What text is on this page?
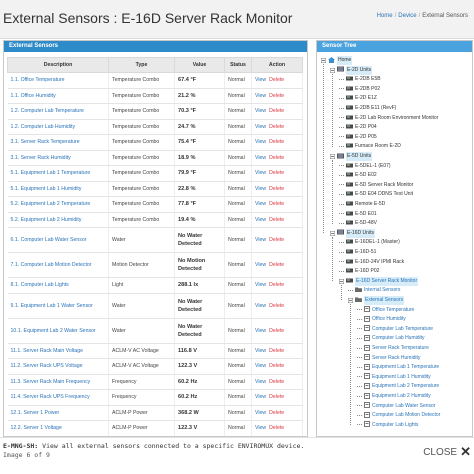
External Sensors : E-16D Server Rack Monitor	Home / Device / External Sensors
External Sensors
Description	Type	Value	Status	Action
1.1. Office Temperature	Temperature Combo	67.4 °F	Normal	View Delete
1.1. Office Humidity	Temperature Combo	21.2 %	Normal	View Delete
1.2. Computer Lab Temperature	Temperature Combo	70.3 °F	Normal	View Delete
1.2. Computer Lab Humidity	Temperature Combo	24.7 %	Normal	View Delete
3.1. Server Rack Temperature	Temperature Combo	75.4 °F	Normal	View Delete
3.1. Server Rack Humidity	Temperature Combo	18.9 %	Normal	View Delete
5.1. Equipment Lab 1 Temperature	Temperature Combo	79.9 °F	Normal	View Delete
5.1. Equipment Lab 1 Humidity	Temperature Combo	22.8 %	Normal	View Delete
5.2. Equipment Lab 2 Temperature	Temperature Combo	77.8 °F	Normal	View Delete
5.2. Equipment Lab 2 Humidity	Temperature Combo	19.4 %	Normal	View Delete
6.1. Computer Lab Water Sensor	Water	No Water Detected	Normal	View Delete
7.1. Computer Lab Motion Detector	Motion Detector	No Motion Detected	Normal	View Delete
8.1. Computer Lab Lights	Light	288.1 lx	Normal	View Delete
9.1. Equipment Lab 1 Water Sensor	Water	No Water Detected	Normal	View Delete
10.1. Equipment Lab 2 Water Sensor	Water	No Water Detected	Normal	View Delete
11.1. Server Rack Main Voltage	ACLM-V AC Voltage	116.8 V	Normal	View Delete
11.2. Server Rack UPS Voltage	ACLM-V AC Voltage	122.3 V	Normal	View Delete
11.3. Server Rack Main Frequency	Frequency	60.2 Hz	Normal	View Delete
11.4. Server Rack UPS Frequency	Frequency	60.2 Hz	Normal	View Delete
12.1. Server 1 Power	ACLM-P Power	368.2 W	Normal	View Delete
12.2. Server 1 Voltage	ACLM-P Power	122.3 V	Normal	View Delete

Sensor Tree
Home
E-2D Units
E-2DB E5B
E-2DB P02
E-2D E1Z
E-2DB E11 (RevF)
E-2D Lab Room Environment Monitor
E-2D P04
E-2D P05
Furnace Room E-2D
E-5D Units
E-5DEL-1 (E07)
E-5D E02
E-5D Server Rack Monitor
E-5D E04 DDNS Test Unit
Remote E-5D
E-5D E01
E-5D-48V
E-16D Units
E-16DEL-1 (Master)
E-16D-51
E-16D-24V IPMI Rack
E-16D P02
E-16D Server Rack Monitor
Internal Sensors
External Sensors
Office Temperature
Office Humidity
Computer Lab Temperature
Computer Lab Humidity
Server Rack Temperature
Server Rack Humidity
Equipment Lab 1 Temperature
Equipment Lab 1 Humidity
Equipment Lab 2 Temperature
Equipment Lab 2 Humidity
Computer Lab Water Sensor
Computer Lab Motion Detector
Computer Lab Lights
E-MNG-SH: View all external sensors connected to a specific ENVIROMUX device.
Image 6 of 9	CLOSE ✕
